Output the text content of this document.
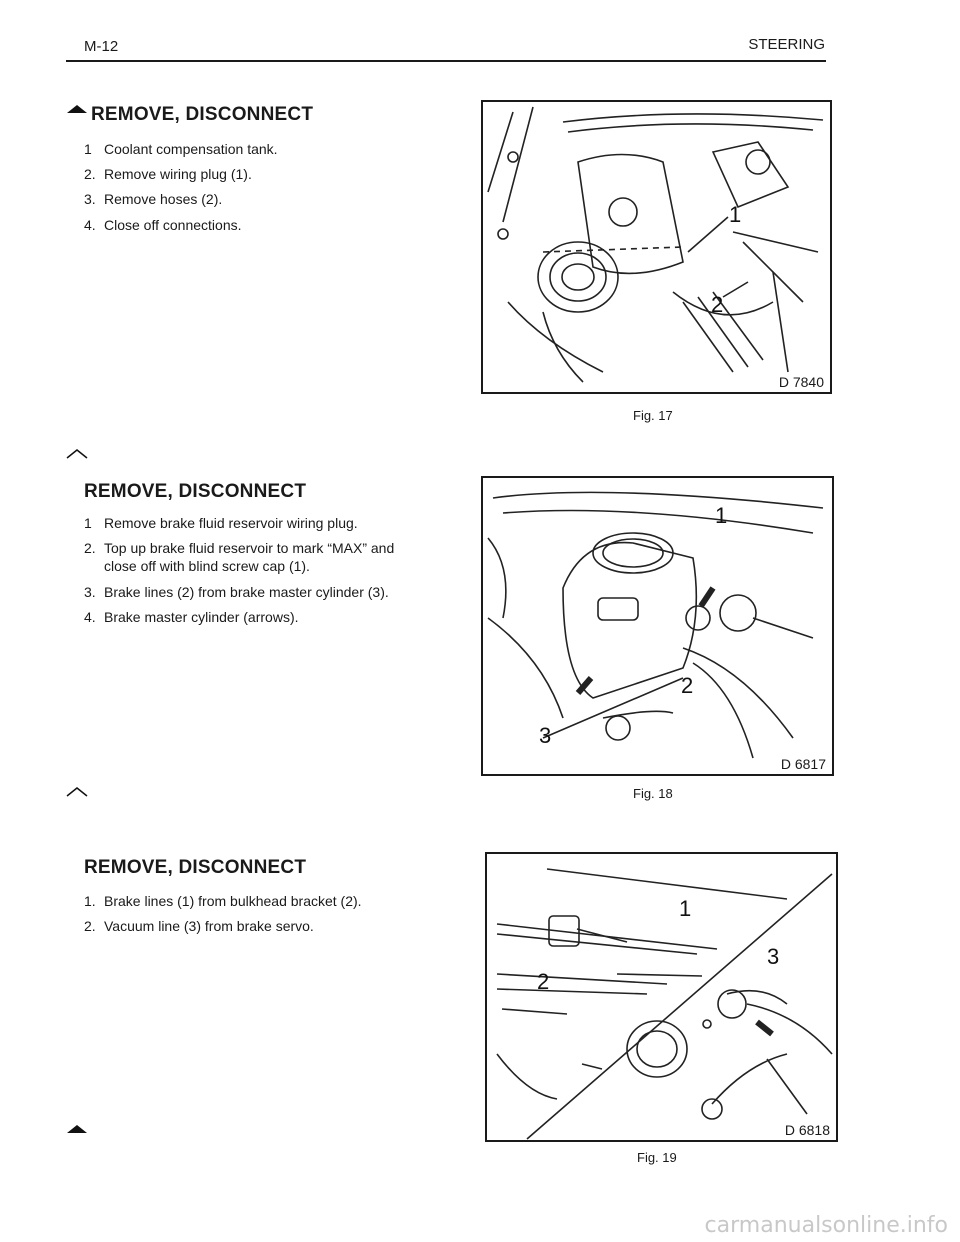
M-12	STEERING
REMOVE, DISCONNECT
1 Coolant compensation tank.
2. Remove wiring plug (1).
3. Remove hoses (2).
4. Close off connections.	1
2
D 7840
Fig. 17
REMOVE, DISCONNECT
1 Remove brake fluid reservoir wiring plug.
2. Top up brake fluid reservoir to mark “MAX” and close off with blind screw cap (1).
3. Brake lines (2) from brake master cylinder (3).
4. Brake master cylinder (arrows).
1
2
3
D 6817
Fig. 18
REMOVE, DISCONNECT
1. Brake lines (1) from bulkhead bracket (2).
2. Vacuum line (3) from brake servo.
1
2
3
D 6818
Fig. 19
carmanualsonline.info
